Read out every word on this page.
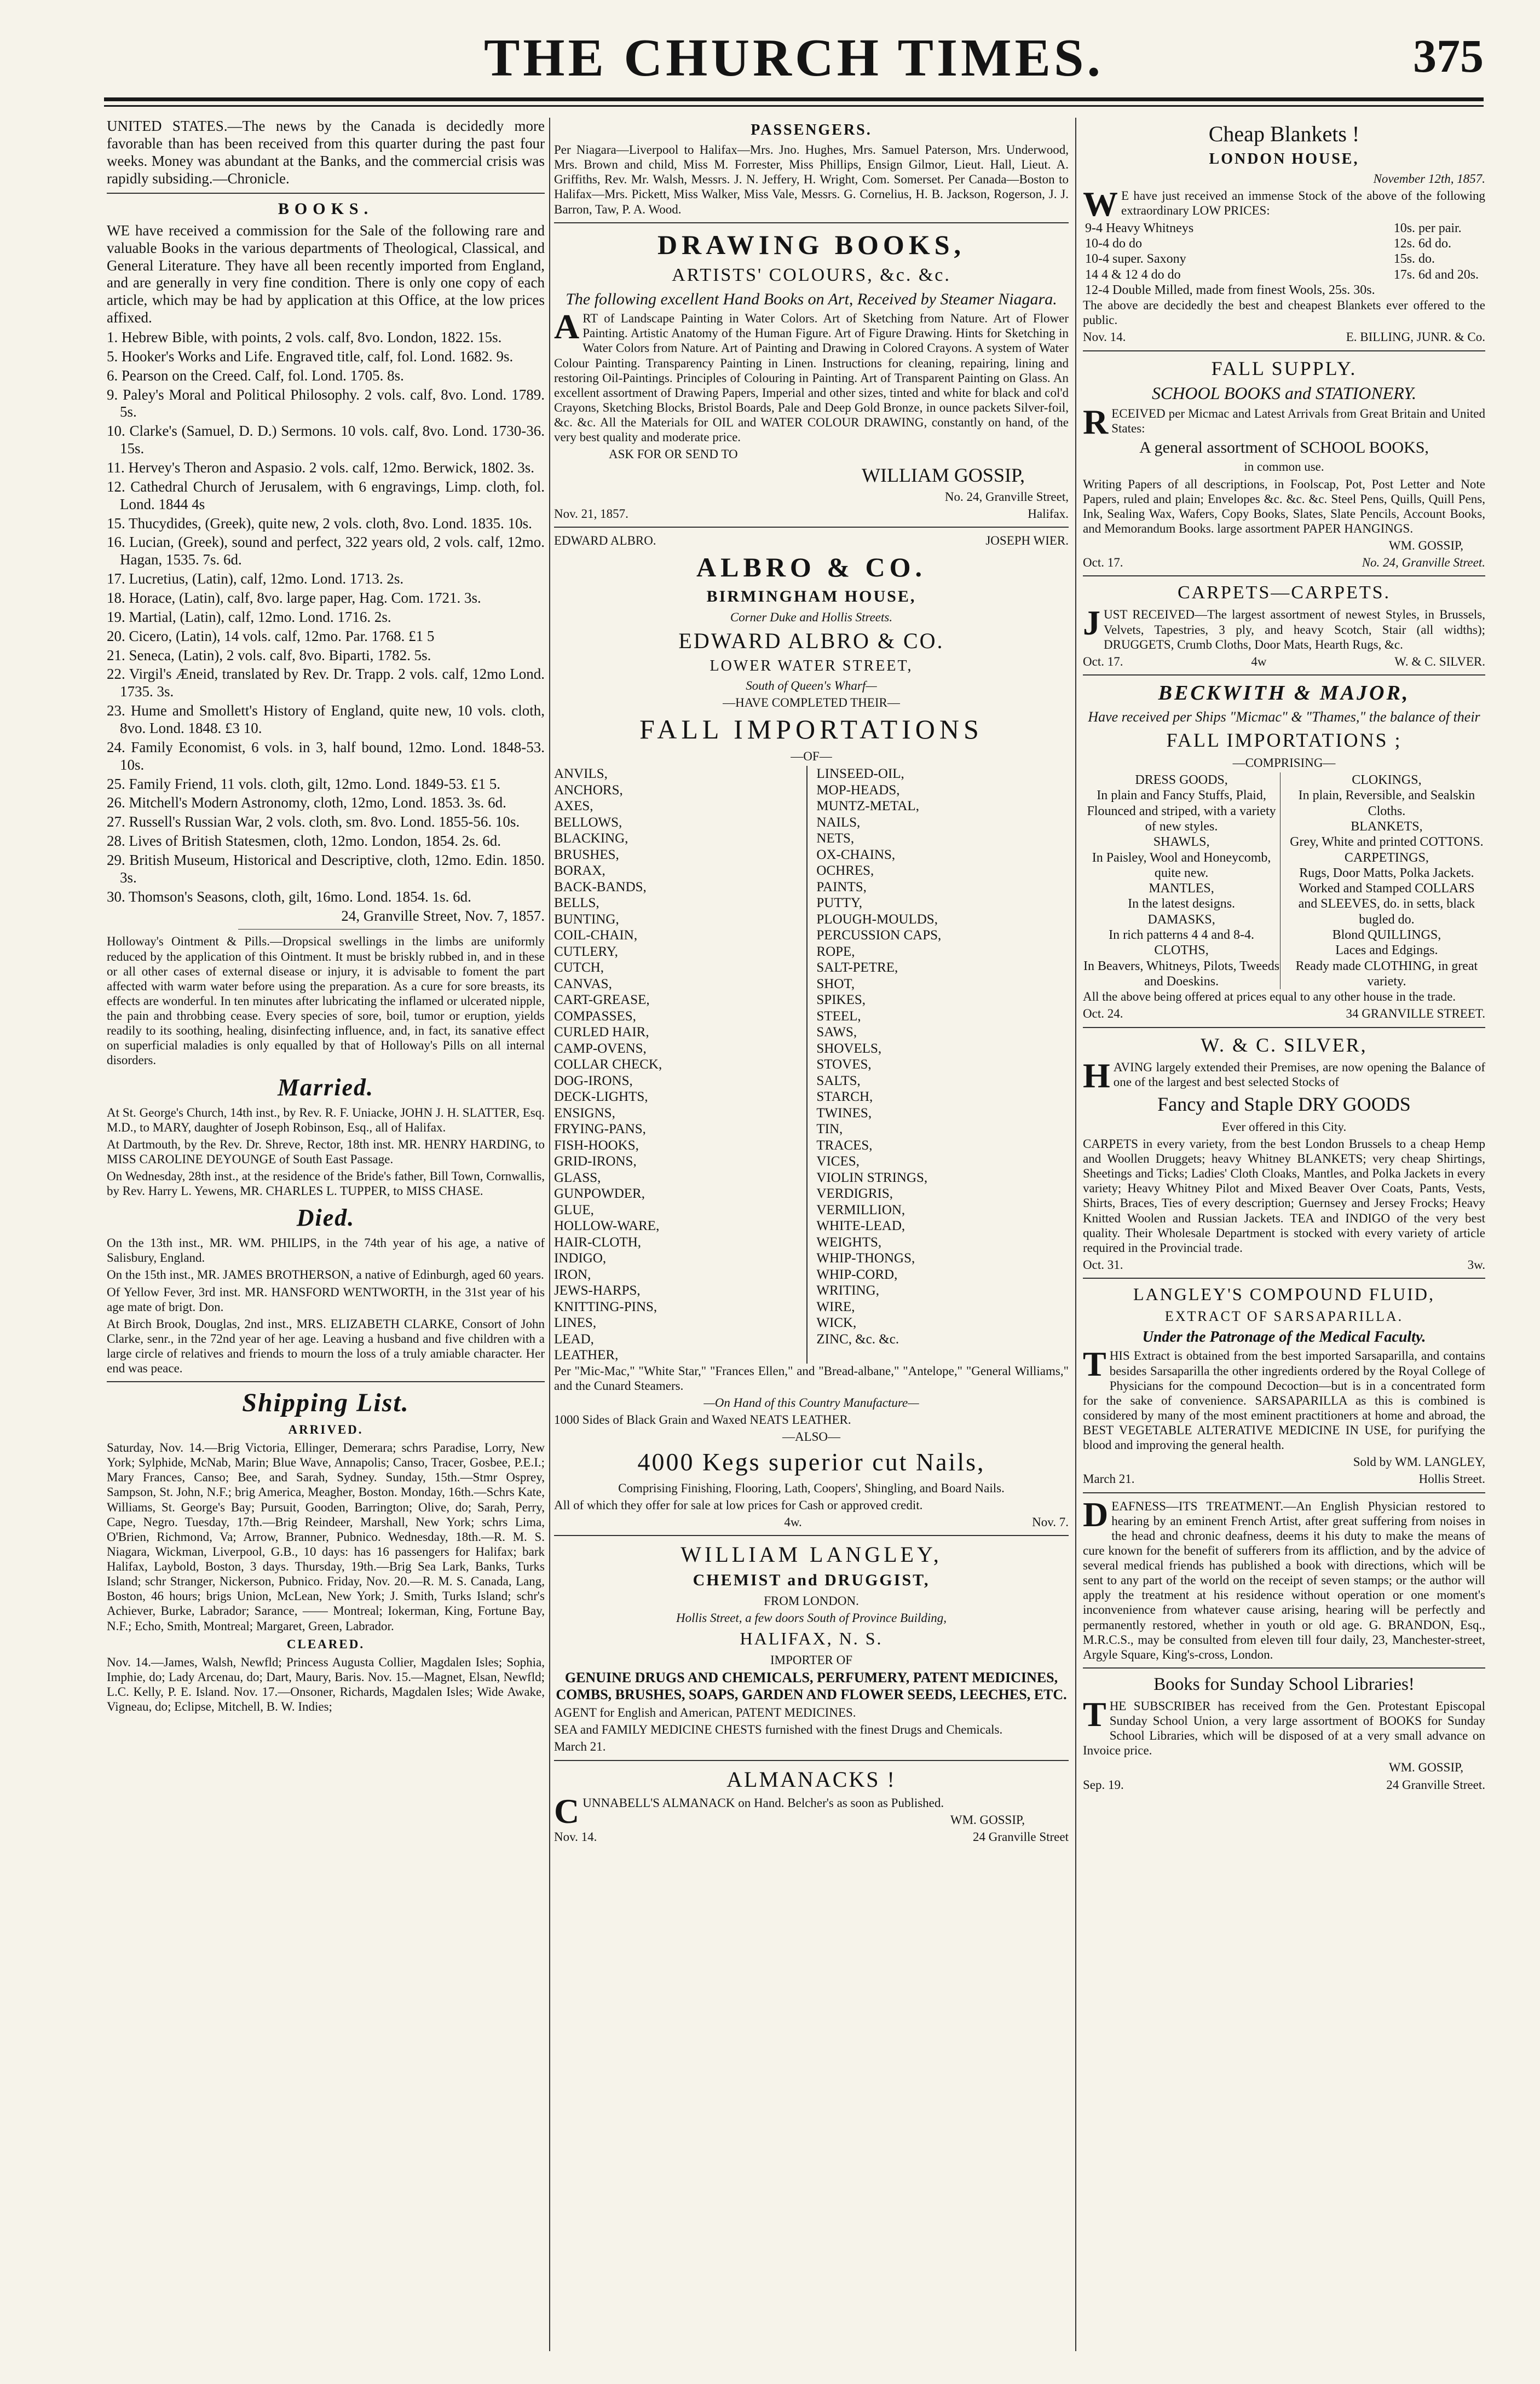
THE CHURCH TIMES.	375

UNITED STATES.—The news by the Canada is decidedly more favorable than has been received from this quarter during the past four weeks. Money was abundant at the Banks, and the commercial crisis was rapidly subsiding.—Chronicle.

BOOKS.

WE have received a commission for the Sale of the following rare and valuable Books in the various departments of Theological, Classical, and General Literature. They have all been recently imported from England, and are generally in very fine condition. There is only one copy of each article, which may be had by application at this Office, at the low prices affixed.

1. Hebrew Bible, with points, 2 vols. calf, 8vo. London, 1822. 15s.
5. Hooker's Works and Life. Engraved title, calf, fol. Lond. 1682. 9s.
6. Pearson on the Creed. Calf, fol. Lond. 1705. 8s.
9. Paley's Moral and Political Philosophy. 2 vols. calf, 8vo. Lond. 1789. 5s.
10. Clarke's (Samuel, D. D.) Sermons. 10 vols. calf, 8vo. Lond. 1730-36. 15s.
11. Hervey's Theron and Aspasio. 2 vols. calf, 12mo. Berwick, 1802. 3s.
12. Cathedral Church of Jerusalem, with 6 engravings, Limp. cloth, fol. Lond. 1844 4s
15. Thucydides, (Greek), quite new, 2 vols. cloth, 8vo. Lond. 1835. 10s.
16. Lucian, (Greek), sound and perfect, 322 years old, 2 vols. calf, 12mo. Hagan, 1535. 7s. 6d.
17. Lucretius, (Latin), calf, 12mo. Lond. 1713. 2s.
18. Horace, (Latin), calf, 8vo. large paper, Hag. Com. 1721. 3s.
19. Martial, (Latin), calf, 12mo. Lond. 1716. 2s.
20. Cicero, (Latin), 14 vols. calf, 12mo. Par. 1768. £1 5
21. Seneca, (Latin), 2 vols. calf, 8vo. Biparti, 1782. 5s.
22. Virgil's Æneid, translated by Rev. Dr. Trapp. 2 vols. calf, 12mo Lond. 1735. 3s.
23. Hume and Smollett's History of England, quite new, 10 vols. cloth, 8vo. Lond. 1848. £3 10.
24. Family Economist, 6 vols. in 3, half bound, 12mo. Lond. 1848-53. 10s.
25. Family Friend, 11 vols. cloth, gilt, 12mo. Lond. 1849-53. £1 5.
26. Mitchell's Modern Astronomy, cloth, 12mo, Lond. 1853. 3s. 6d.
27. Russell's Russian War, 2 vols. cloth, sm. 8vo. Lond. 1855-56. 10s.
28. Lives of British Statesmen, cloth, 12mo. London, 1854. 2s. 6d.
29. British Museum, Historical and Descriptive, cloth, 12mo. Edin. 1850. 3s.
30. Thomson's Seasons, cloth, gilt, 16mo. Lond. 1854. 1s. 6d.

24, Granville Street, Nov. 7, 1857.

Holloway's Ointment & Pills.—Dropsical swellings in the limbs are uniformly reduced by the application of this Ointment. It must be briskly rubbed in, and in these or all other cases of external disease or injury, it is advisable to foment the part affected with warm water before using the preparation. As a cure for sore breasts, its effects are wonderful. In ten minutes after lubricating the inflamed or ulcerated nipple, the pain and throbbing cease. Every species of sore, boil, tumor or eruption, yields readily to its soothing, healing, disinfecting influence, and, in fact, its sanative effect on superficial maladies is only equalled by that of Holloway's Pills on all internal disorders.

Married.

At St. George's Church, 14th inst., by Rev. R. F. Uniacke, JOHN J. H. SLATTER, Esq. M.D., to MARY, daughter of Joseph Robinson, Esq., all of Halifax.

At Dartmouth, by the Rev. Dr. Shreve, Rector, 18th inst. MR. HENRY HARDING, to MISS CAROLINE DEYOUNGE of South East Passage.

On Wednesday, 28th inst., at the residence of the Bride's father, Bill Town, Cornwallis, by Rev. Harry L. Yewens, MR. CHARLES L. TUPPER, to MISS CHASE.

Died.

On the 13th inst., MR. WM. PHILIPS, in the 74th year of his age, a native of Salisbury, England.

On the 15th inst., MR. JAMES BROTHERSON, a native of Edinburgh, aged 60 years.

Of Yellow Fever, 3rd inst. MR. HANSFORD WENTWORTH, in the 31st year of his age mate of brigt. Don.

At Birch Brook, Douglas, 2nd inst., MRS. ELIZABETH CLARKE, Consort of John Clarke, senr., in the 72nd year of her age. Leaving a husband and five children with a large circle of relatives and friends to mourn the loss of a truly amiable character. Her end was peace.

Shipping List.
ARRIVED.

Saturday, Nov. 14.—Brig Victoria, Ellinger, Demerara; schrs Paradise, Lorry, New York; Sylphide, McNab, Marin; Blue Wave, Annapolis; Canso, Tracer, Gosbee, P.E.I.; Mary Frances, Canso; Bee, and Sarah, Sydney. Sunday, 15th.—Stmr Osprey, Sampson, St. John, N.F.; brig America, Meagher, Boston. Monday, 16th.—Schrs Kate, Williams, St. George's Bay; Pursuit, Gooden, Barrington; Olive, do; Sarah, Perry, Cape, Negro. Tuesday, 17th.—Brig Reindeer, Marshall, New York; schrs Lima, O'Brien, Richmond, Va; Arrow, Branner, Pubnico. Wednesday, 18th.—R. M. S. Niagara, Wickman, Liverpool, G.B., 10 days: has 16 passengers for Halifax; bark Halifax, Laybold, Boston, 3 days. Thursday, 19th.—Brig Sea Lark, Banks, Turks Island; schr Stranger, Nickerson, Pubnico. Friday, Nov. 20.—R. M. S. Canada, Lang, Boston, 46 hours; brigs Union, McLean, New York; J. Smith, Turks Island; schr's Achiever, Burke, Labrador; Sarance, —— Montreal; Iokerman, King, Fortune Bay, N.F.; Echo, Smith, Montreal; Margaret, Green, Labrador.

CLEARED.

Nov. 14.—James, Walsh, Newfld; Princess Augusta Collier, Magdalen Isles; Sophia, Imphie, do; Lady Arcenau, do; Dart, Maury, Baris. Nov. 15.—Magnet, Elsan, Newfld; L.C. Kelly, P. E. Island. Nov. 17.—Onsoner, Richards, Magdalen Isles; Wide Awake, Vigneau, do; Eclipse, Mitchell, B. W. Indies;

PASSENGERS.

Per Niagara—Liverpool to Halifax—Mrs. Jno. Hughes, Mrs. Samuel Paterson, Mrs. Underwood, Mrs. Brown and child, Miss M. Forrester, Miss Phillips, Ensign Gilmor, Lieut. Hall, Lieut. A. Griffiths, Rev. Mr. Walsh, Messrs. J. N. Jeffery, H. Wright, Com. Somerset. Per Canada—Boston to Halifax—Mrs. Pickett, Miss Walker, Miss Vale, Messrs. G. Cornelius, H. B. Jackson, Rogerson, J. J. Barron, Taw, P. A. Wood.

DRAWING BOOKS,
ARTISTS' COLOURS, &c. &c.

The following excellent Hand Books on Art, Received by Steamer Niagara.

ART of Landscape Painting in Water Colors. Art of Sketching from Nature. Art of Flower Painting. Artistic Anatomy of the Human Figure. Art of Figure Drawing. Hints for Sketching in Water Colors from Nature. Art of Painting and Drawing in Colored Crayons. A system of Water Colour Painting. Transparency Painting in Linen. Instructions for cleaning, repairing, lining and restoring Oil-Paintings. Principles of Colouring in Painting. Art of Transparent Painting on Glass. An excellent assortment of Drawing Papers, Imperial and other sizes, tinted and white for black and col'd Crayons, Sketching Blocks, Bristol Boards, Pale and Deep Gold Bronze, in ounce packets Silver-foil, &c. &c. All the Materials for OIL and WATER COLOUR DRAWING, constantly on hand, of the very best quality and moderate price.

ASK FOR OR SEND TO

WILLIAM GOSSIP,

No. 24, Granville Street,

Nov. 21, 1857.	Halifax.
EDWARD ALBRO.	JOSEPH WIER.
ALBRO & CO.
BIRMINGHAM HOUSE,

Corner Duke and Hollis Streets.

EDWARD ALBRO & CO.
LOWER WATER STREET,

South of Queen's Wharf—

—HAVE COMPLETED THEIR—

FALL IMPORTATIONS

—OF—

ANVILS,
ANCHORS,
AXES,
BELLOWS,
BLACKING,
BRUSHES,
BORAX,
BACK-BANDS,
BELLS,
BUNTING,
COIL-CHAIN,
CUTLERY,
CUTCH,
CANVAS,
CART-GREASE,
COMPASSES,
CURLED HAIR,
CAMP-OVENS,
COLLAR CHECK,
DOG-IRONS,
DECK-LIGHTS,
ENSIGNS,
FRYING-PANS,
FISH-HOOKS,
GRID-IRONS,
GLASS,
GUNPOWDER,
GLUE,
HOLLOW-WARE,
HAIR-CLOTH,
INDIGO,
IRON,
JEWS-HARPS,
KNITTING-PINS,
LINES,
LEAD,
LEATHER,
LINSEED-OIL,
MOP-HEADS,
MUNTZ-METAL,
NAILS,
NETS,
OX-CHAINS,
OCHRES,
PAINTS,
PUTTY,
PLOUGH-MOULDS,
PERCUSSION CAPS,
ROPE,
SALT-PETRE,
SHOT,
SPIKES,
STEEL,
SAWS,
SHOVELS,
STOVES,
SALTS,
STARCH,
TWINES,
TIN,
TRACES,
VICES,
VIOLIN STRINGS,
VERDIGRIS,
VERMILLION,
WHITE-LEAD,
WEIGHTS,
WHIP-THONGS,
WHIP-CORD,
WRITING,
WIRE,
WICK,
ZINC, &c. &c.

Per "Mic-Mac," "White Star," "Frances Ellen," and "Bread-albane," "Antelope," "General Williams," and the Cunard Steamers.

—On Hand of this Country Manufacture—

1000 Sides of Black Grain and Waxed NEATS LEATHER.

—ALSO—

4000 Kegs superior cut Nails,

Comprising Finishing, Flooring, Lath, Coopers', Shingling, and Board Nails.

All of which they offer for sale at low prices for Cash or approved credit.

4w.	Nov. 7.
WILLIAM LANGLEY,
CHEMIST and DRUGGIST,

FROM LONDON.

Hollis Street, a few doors South of Province Building,

HALIFAX, N. S.

IMPORTER OF

GENUINE DRUGS AND CHEMICALS, PERFUMERY, PATENT MEDICINES, COMBS, BRUSHES, SOAPS, GARDEN AND FLOWER SEEDS, LEECHES, ETC.

AGENT for English and American, PATENT MEDICINES.

SEA and FAMILY MEDICINE CHESTS furnished with the finest Drugs and Chemicals.

March 21.

ALMANACKS !

CUNNABELL'S ALMANACK on Hand. Belcher's as soon as Published.

WM. GOSSIP,

Nov. 14.	24 Granville Street
Cheap Blankets !
LONDON HOUSE,

November 12th, 1857.

WE have just received an immense Stock of the above of the following extraordinary LOW PRICES:

9-4 Heavy Whitneys	10s. per pair.
10-4 do do	12s. 6d do.
10-4 super. Saxony	15s. do.
14 4 & 12 4 do do	17s. 6d and 20s.
12-4 Double Milled, made from finest Wools, 25s. 30s.	

The above are decidedly the best and cheapest Blankets ever offered to the public.

Nov. 14.	E. BILLING, JUNR. & Co.
FALL SUPPLY.

SCHOOL BOOKS and STATIONERY.

RECEIVED per Micmac and Latest Arrivals from Great Britain and United States:

A general assortment of SCHOOL BOOKS,

in common use.

Writing Papers of all descriptions, in Foolscap, Pot, Post Letter and Note Papers, ruled and plain; Envelopes &c. &c. &c. Steel Pens, Quills, Quill Pens, Ink, Sealing Wax, Wafers, Copy Books, Slates, Slate Pencils, Account Books, and Memorandum Books. large assortment PAPER HANGINGS.

WM. GOSSIP,

Oct. 17.	No. 24, Granville Street.
CARPETS—CARPETS.

JUST RECEIVED—The largest assortment of newest Styles, in Brussels, Velvets, Tapestries, 3 ply, and heavy Scotch, Stair (all widths); DRUGGETS, Crumb Cloths, Door Mats, Hearth Rugs, &c.

Oct. 17.	4w	W. & C. SILVER.
BECKWITH & MAJOR,

Have received per Ships "Micmac" & "Thames," the balance of their

FALL IMPORTATIONS ;

—COMPRISING—

DRESS GOODS,
In plain and Fancy Stuffs, Plaid, Flounced and striped, with a variety of new styles.
SHAWLS,
In Paisley, Wool and Honeycomb, quite new.
MANTLES,
In the latest designs.
DAMASKS,
In rich patterns 4 4 and 8-4.
CLOTHS,
In Beavers, Whitneys, Pilots, Tweeds and Doeskins.
CLOKINGS,
In plain, Reversible, and Sealskin Cloths.
BLANKETS,
Grey, White and printed COTTONS.
CARPETINGS,
Rugs, Door Matts, Polka Jackets.
Worked and Stamped COLLARS and SLEEVES, do. in setts, black bugled do.
Blond QUILLINGS,
Laces and Edgings.
Ready made CLOTHING, in great variety.

All the above being offered at prices equal to any other house in the trade.

Oct. 24.	34 GRANVILLE STREET.
W. & C. SILVER,

HAVING largely extended their Premises, are now opening the Balance of one of the largest and best selected Stocks of

Fancy and Staple DRY GOODS

Ever offered in this City.

CARPETS in every variety, from the best London Brussels to a cheap Hemp and Woollen Druggets; heavy Whitney BLANKETS; very cheap Shirtings, Sheetings and Ticks; Ladies' Cloth Cloaks, Mantles, and Polka Jackets in every variety; Heavy Whitney Pilot and Mixed Beaver Over Coats, Pants, Vests, Shirts, Braces, Ties of every description; Guernsey and Jersey Frocks; Heavy Knitted Woolen and Russian Jackets. TEA and INDIGO of the very best quality. Their Wholesale Department is stocked with every variety of article required in the Provincial trade.

Oct. 31.	3w.
LANGLEY'S COMPOUND FLUID,
EXTRACT OF SARSAPARILLA.

Under the Patronage of the Medical Faculty.

THIS Extract is obtained from the best imported Sarsaparilla, and contains besides Sarsaparilla the other ingredients ordered by the Royal College of Physicians for the compound Decoction—but is in a concentrated form for the sake of convenience. SARSAPARILLA as this is combined is considered by many of the most eminent practitioners at home and abroad, the BEST VEGETABLE ALTERATIVE MEDICINE IN USE, for purifying the blood and improving the general health.

Sold by WM. LANGLEY,

March 21.	Hollis Street.

DEAFNESS—ITS TREATMENT.—An English Physician restored to hearing by an eminent French Artist, after great suffering from noises in the head and chronic deafness, deems it his duty to make the means of cure known for the benefit of sufferers from its affliction, and by the advice of several medical friends has published a book with directions, which will be sent to any part of the world on the receipt of seven stamps; or the author will apply the treatment at his residence without operation or one moment's inconvenience from whatever cause arising, hearing will be perfectly and permanently restored, whether in youth or old age. G. BRANDON, Esq., M.R.C.S., may be consulted from eleven till four daily, 23, Manchester-street, Argyle Square, King's-cross, London.

Books for Sunday School Libraries!

THE SUBSCRIBER has received from the Gen. Protestant Episcopal Sunday School Union, a very large assortment of BOOKS for Sunday School Libraries, which will be disposed of at a very small advance on Invoice price.

WM. GOSSIP,

Sep. 19.	24 Granville Street.
